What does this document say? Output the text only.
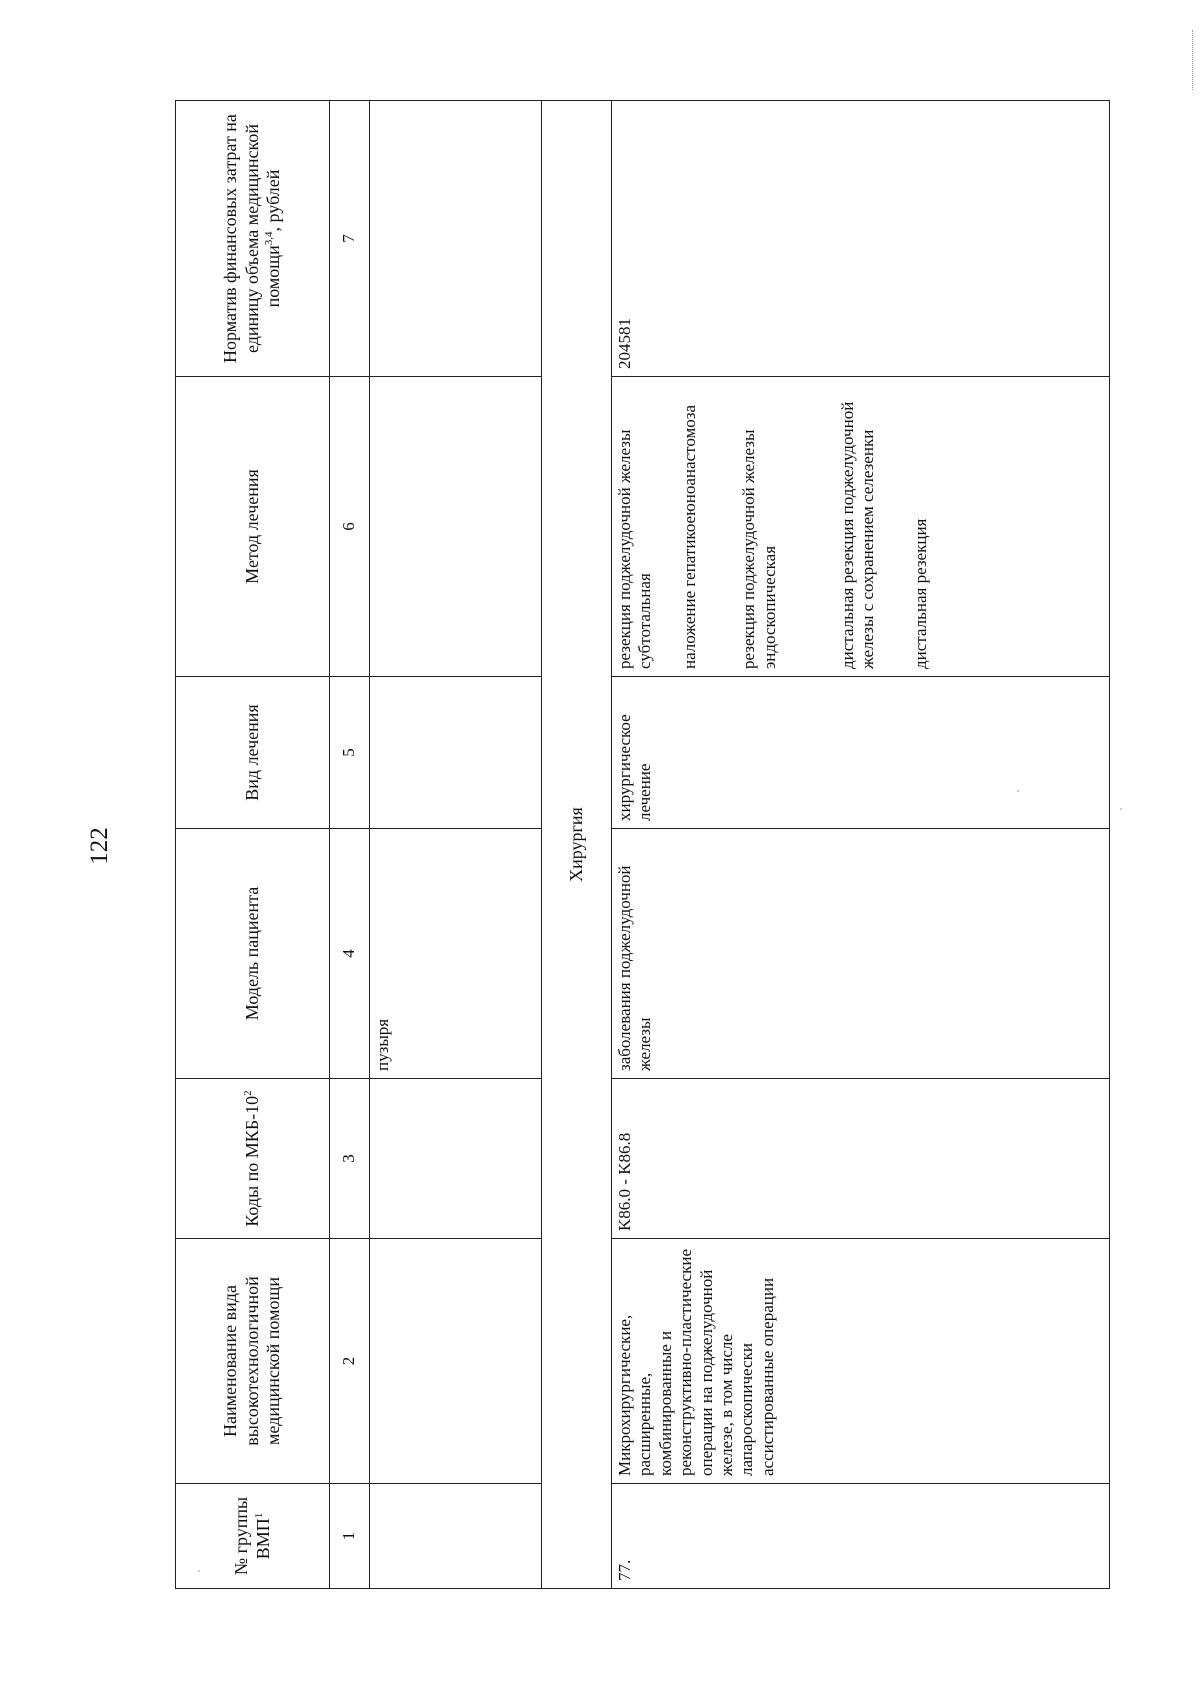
122
№ группы ВМП$^1$	Наименование вида высокотехнологичной медицинской помощи	Коды по МКБ-$10^2$	Модель пациента	Вид лечения	Метод лечения	Норматив финансовых затрат на единицу объема медицинской помощи$^{3,4}$, рублей
1	2	3	4	5	6	7
			пузыря			
Хирургия						
77.	Микрохирургические, расширенные, комбинированные и реконструктивно-пластические операции на поджелудочной железе, в том числе лапароскопически ассистированные операции	K86.0 - K86.8	заболевания поджелудочной железы	хирургическое лечение	резекция поджелудочной железы субтотальная наложение гепатикоеюноанастомоза резекция поджелудочной железы эндоскопическая дистальная резекция поджелудочной железы с сохранением селезенки дистальная резекция	204581
